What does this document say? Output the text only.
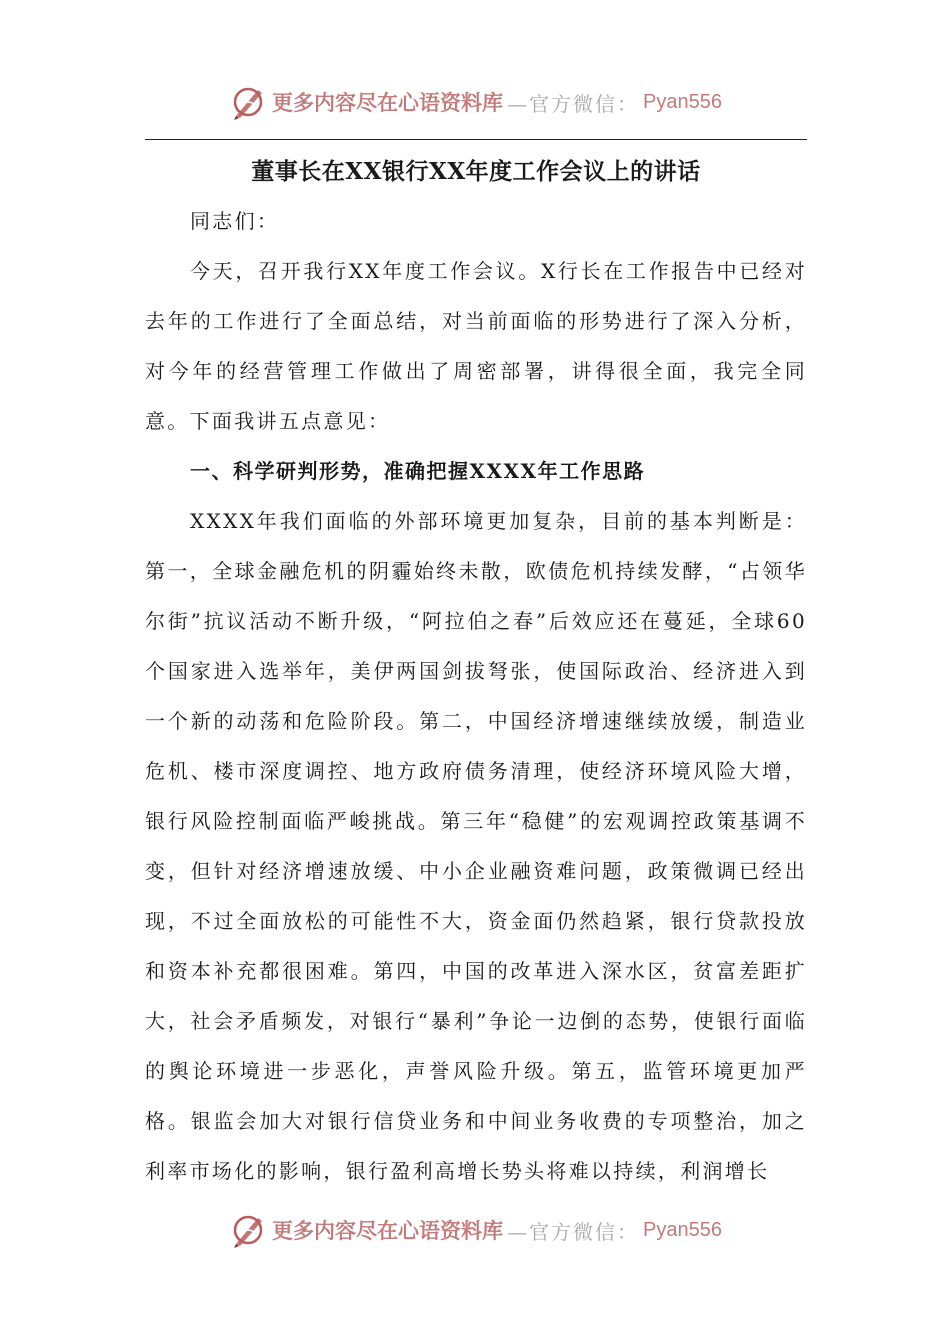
更多内容尽在心语资料库 —官方微信： Pyan556
董事长在XX银行XX年度工作会议上的讲话

同志们：

今天，召开我行XX年度工作会议。X行长在工作报告中已经对去年的工作进行了全面总结，对当前面临的形势进行了深入分析，对今年的经营管理工作做出了周密部署，讲得很全面，我完全同意。下面我讲五点意见：

一、科学研判形势，准确把握XXXX年工作思路

XXXX年我们面临的外部环境更加复杂，目前的基本判断是：第一，全球金融危机的阴霾始终未散，欧债危机持续发酵，“占领华尔街”抗议活动不断升级，“阿拉伯之春”后效应还在蔓延，全球60个国家进入选举年，美伊两国剑拔弩张，使国际政治、经济进入到一个新的动荡和危险阶段。第二，中国经济增速继续放缓，制造业危机、楼市深度调控、地方政府债务清理，使经济环境风险大增，银行风险控制面临严峻挑战。第三年“稳健”的宏观调控政策基调不变，但针对经济增速放缓、中小企业融资难问题，政策微调已经出现，不过全面放松的可能性不大，资金面仍然趋紧，银行贷款投放和资本补充都很困难。第四，中国的改革进入深水区，贫富差距扩大，社会矛盾频发，对银行“暴利”争论一边倒的态势，使银行面临的舆论环境进一步恶化，声誉风险升级。第五，监管环境更加严格。银监会加大对银行信贷业务和中间业务收费的专项整治，加之利率市场化的影响，银行盈利高增长势头将难以持续，利润增长

更多内容尽在心语资料库 —官方微信： Pyan556
